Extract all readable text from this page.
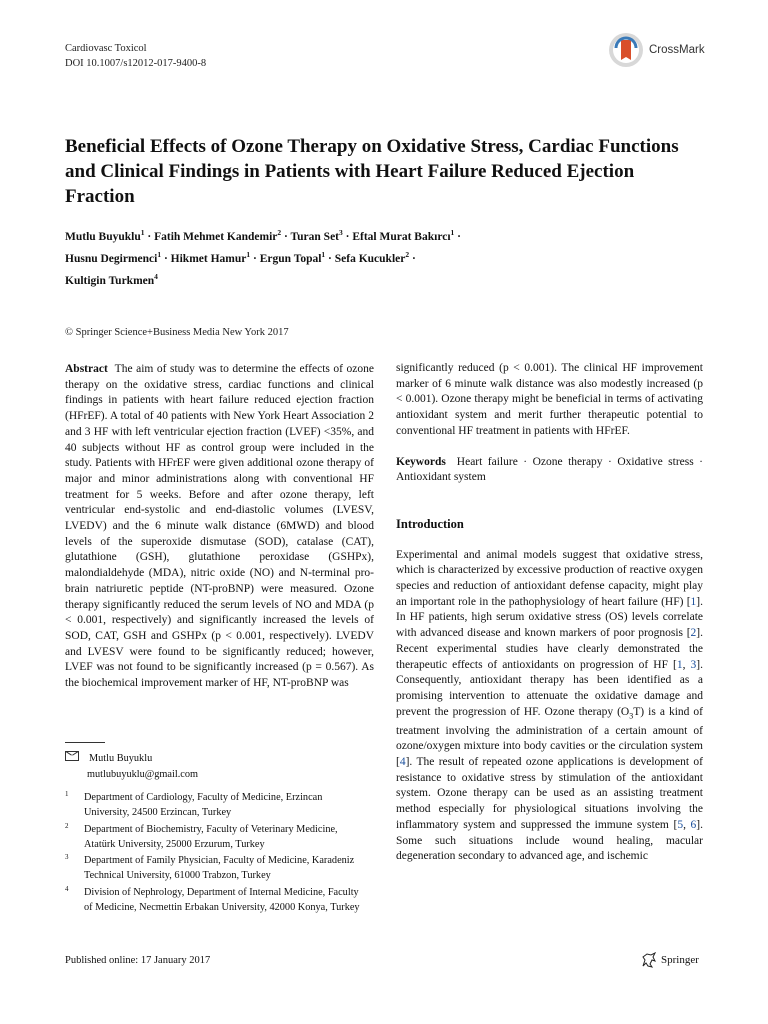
Cardiovasc Toxicol
DOI 10.1007/s12012-017-9400-8
CrossMark
Beneficial Effects of Ozone Therapy on Oxidative Stress, Cardiac Functions and Clinical Findings in Patients with Heart Failure Reduced Ejection Fraction
Mutlu Buyuklu$^1$ · Fatih Mehmet Kandemir$^2$ · Turan Set$^3$ · Eftal Murat Bakırcı$^1$ ·
Husnu Degirmenci$^1$ · Hikmet Hamur$^1$ · Ergun Topal$^1$ · Sefa Kucukler$^2$ ·
Kultigin Turkmen$^4$
© Springer Science+Business Media New York 2017
Abstract The aim of study was to determine the effects of ozone therapy on the oxidative stress, cardiac functions and clinical findings in patients with heart failure reduced ejection fraction (HFrEF). A total of 40 patients with New York Heart Association 2 and 3 HF with left ventricular ejection fraction (LVEF) <35%, and 40 subjects without HF as control group were included in the study. Patients with HFrEF were given additional ozone therapy of major and minor administrations along with conventional HF treatment for 5 weeks. Before and after ozone therapy, left ventricular end-systolic and end-diastolic volumes (LVESV, LVEDV) and the 6 minute walk distance (6MWD) and blood levels of the superoxide dismutase (SOD), catalase (CAT), glutathione (GSH), glutathione peroxidase (GSHPx), malondialdehyde (MDA), nitric oxide (NO) and N-terminal pro-brain natriuretic peptide (NT-proBNP) were measured. Ozone therapy significantly reduced the serum levels of NO and MDA (p < 0.001, respectively) and significantly increased the levels of SOD, CAT, GSH and GSHPx (p < 0.001, respectively). LVEDV and LVESV were found to be significantly reduced; however, LVEF was not found to be significantly increased (p = 0.567). As the biochemical improvement marker of HF, NT-proBNP was
significantly reduced (p < 0.001). The clinical HF improvement marker of 6 minute walk distance was also modestly increased (p < 0.001). Ozone therapy might be beneficial in terms of activating antioxidant system and merit further therapeutic potential to conventional HF treatment in patients with HFrEF.
Keywords Heart failure · Ozone therapy · Oxidative stress · Antioxidant system
Introduction
Experimental and animal models suggest that oxidative stress, which is characterized by excessive production of reactive oxygen species and reduction of antioxidant defense capacity, might play an important role in the pathophysiology of heart failure (HF) [1]. In HF patients, high serum oxidative stress (OS) levels correlate with advanced disease and known markers of poor prognosis [2]. Recent experimental studies have clearly demonstrated the therapeutic effects of antioxidants on progression of HF [1, 3]. Consequently, antioxidant therapy has been identified as a promising intervention to attenuate the oxidative damage and prevent the progression of HF. Ozone therapy $(O_3T)$ is a kind of treatment involving the administration of a certain amount of ozone/oxygen mixture into body cavities or the circulation system [4]. The result of repeated ozone applications is development of resistance to oxidative stress by stimulation of the antioxidant system. Ozone therapy can be used as an assisting treatment method especially for physiological situations involving the inflammatory system and suppressed the immune system [5, 6]. Some such situations include wound healing, macular degeneration secondary to advanced age, and ischemic
Mutlu Buyuklu
mutlubuyuklu@gmail.com
1 Department of Cardiology, Faculty of Medicine, Erzincan University, 24500 Erzincan, Turkey
2 Department of Biochemistry, Faculty of Veterinary Medicine, Atatürk University, 25000 Erzurum, Turkey
3 Department of Family Physician, Faculty of Medicine, Karadeniz Technical University, 61000 Trabzon, Turkey
4 Division of Nephrology, Department of Internal Medicine, Faculty of Medicine, Necmettin Erbakan University, 42000 Konya, Turkey
Published online: 17 January 2017	Springer
